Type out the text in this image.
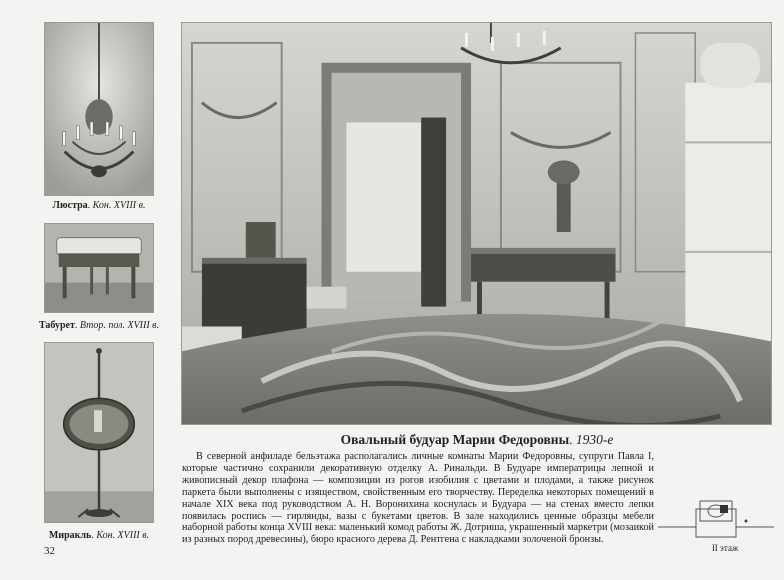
Люстра. Кон. XVIII в.
Табурет. Втор. пол. XVIII в.
Миракль. Кон. XVIII в.
Овальный будуар Марии Федоровны. 1930-е

В северной анфиладе бельэтажа располагались личные комнаты Марии Федоровны, супруги Павла I, которые частично сохранили декоративную отделку А. Ринальди. В Будуаре императрицы лепной и живописный декор плафона — композиции из рогов изобилия с цветами и плодами, а также рисунок паркета были выполнены с изяществом, свойственным его творчеству. Переделка некоторых помещений в начале XIX века под руководством А. Н. Воронихина коснулась и Будуара — на стенах вместо лепки появилась роспись — гирлянды, вазы с букетами цветов. В зале находились ценные образцы мебели наборной работы конца XVIII века: маленький комод работы Ж. Дотриша, украшенный маркетри (мозаикой из разных пород древесины), бюро красного дерева Д. Рентгена с накладками золоченой бронзы.

32	II этаж
